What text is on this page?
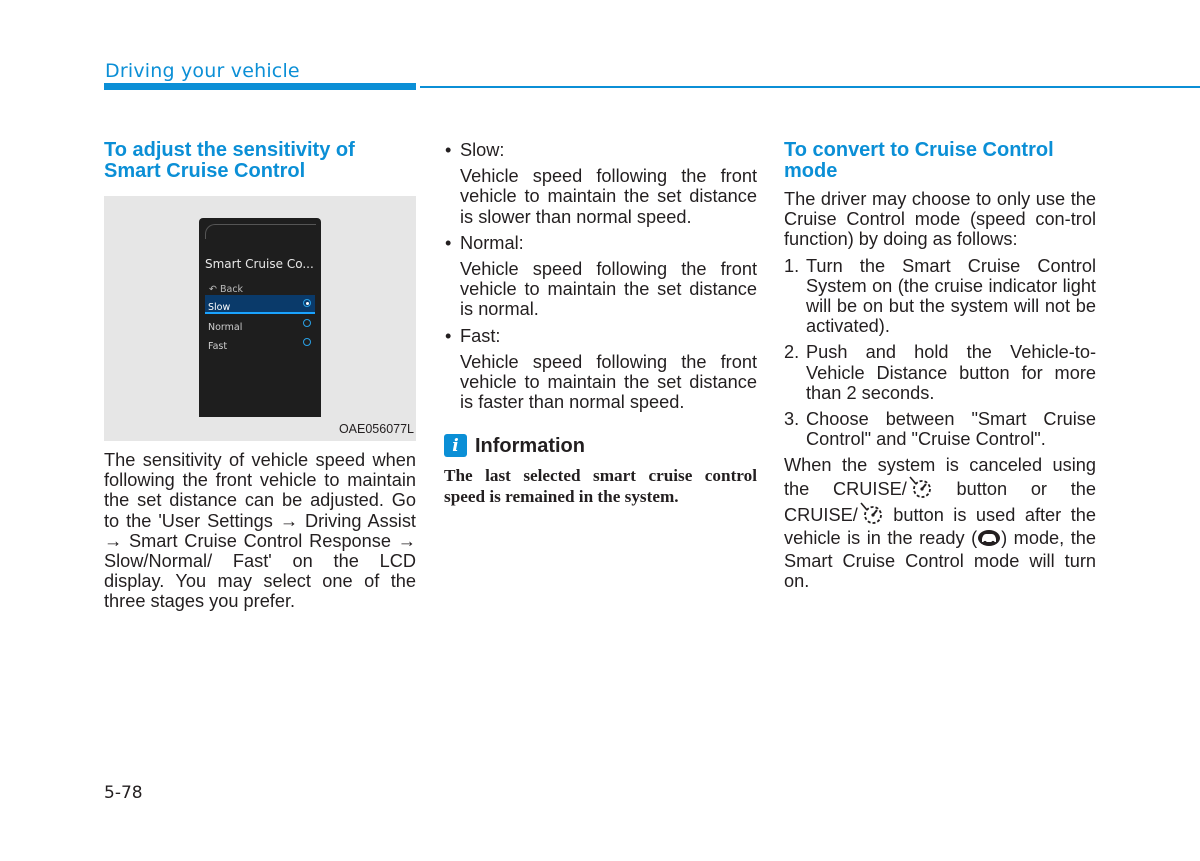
Driving your vehicle
To adjust the sensitivity of Smart Cruise Control
Smart Cruise Co...
↶ Back
Slow
Normal
Fast
OAE056077L

The sensitivity of vehicle speed when following the front vehicle to maintain the set distance can be adjusted. Go to the 'User Settings → Driving Assist → Smart Cruise Control Response → Slow/Normal/ Fast' on the LCD display. You may select one of the three stages you prefer.

• Slow:
Vehicle speed following the front vehicle to maintain the set distance is slower than normal speed.
• Normal:
Vehicle speed following the front vehicle to maintain the set distance is normal.
• Fast:
Vehicle speed following the front vehicle to maintain the set distance is faster than normal speed.
i Information

The last selected smart cruise control speed is remained in the system.

To convert to Cruise Control mode

The driver may choose to only use the Cruise Control mode (speed con-trol function) by doing as follows:

1. Turn the Smart Cruise Control System on (the cruise indicator light will be on but the system will not be activated).
2. Push and hold the Vehicle-to-Vehicle Distance button for more than 2 seconds.
3. Choose between "Smart Cruise Control" and "Cruise Control".

When the system is canceled using the CRUISE/ button or the CRUISE/ button is used after the vehicle is in the ready ( ) mode, the Smart Cruise Control mode will turn on.

5-78
